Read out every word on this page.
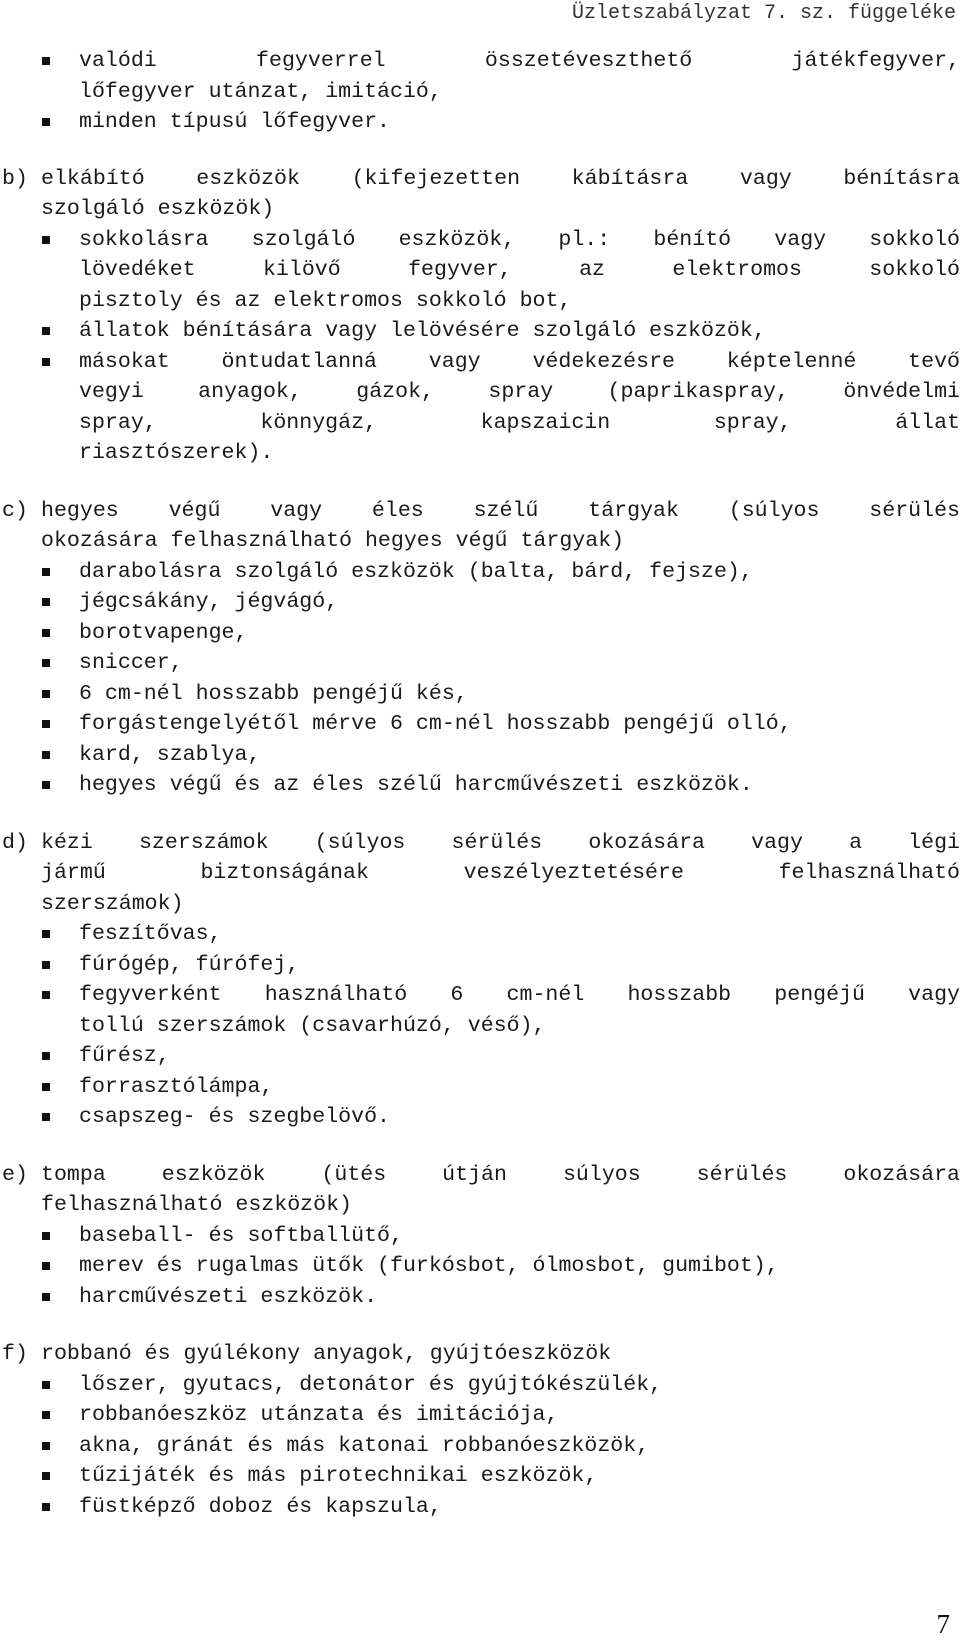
Üzletszabályzat 7. sz. függeléke
valódi fegyverrel összetéveszthető játékfegyver,
lőfegyver utánzat, imitáció,
minden típusú lőfegyver.
b) elkábító eszközök (kifejezetten kábításra vagy bénításra
szolgáló eszközök)
sokkolásra szolgáló eszközök, pl.: bénító vagy sokkoló
lövedéket kilövő fegyver, az elektromos sokkoló
pisztoly és az elektromos sokkoló bot,
állatok bénítására vagy lelövésére szolgáló eszközök,
másokat öntudatlanná vagy védekezésre képtelenné tevő
vegyi anyagok, gázok, spray (paprikaspray, önvédelmi
spray, könnygáz, kapszaicin spray, állat
riasztószerek).
c) hegyes végű vagy éles szélű tárgyak (súlyos sérülés
okozására felhasználható hegyes végű tárgyak)
darabolásra szolgáló eszközök (balta, bárd, fejsze),
jégcsákány, jégvágó,
borotvapenge,
sniccer,
6 cm-nél hosszabb pengéjű kés,
forgástengelyétől mérve 6 cm-nél hosszabb pengéjű olló,
kard, szablya,
hegyes végű és az éles szélű harcművészeti eszközök.
d) kézi szerszámok (súlyos sérülés okozására vagy a légi
jármű biztonságának veszélyeztetésére felhasználható
szerszámok)
feszítővas,
fúrógép, fúrófej,
fegyverként használható 6 cm-nél hosszabb pengéjű vagy
tollú szerszámok (csavarhúzó, véső),
fűrész,
forrasztólámpa,
csapszeg- és szegbelövő.
e) tompa eszközök (ütés útján súlyos sérülés okozására
felhasználható eszközök)
baseball- és softballütő,
merev és rugalmas ütők (furkósbot, ólmosbot, gumibot),
harcművészeti eszközök.
f) robbanó és gyúlékony anyagok, gyújtóeszközök
lőszer, gyutacs, detonátor és gyújtókészülék,
robbanóeszköz utánzata és imitációja,
akna, gránát és más katonai robbanóeszközök,
tűzijáték és más pirotechnikai eszközök,
füstképző doboz és kapszula,
7
